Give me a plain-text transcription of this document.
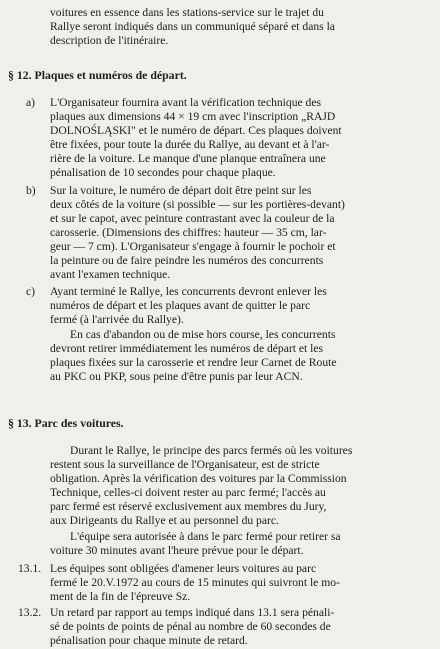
voitures en essence dans les stations-service sur le trajet du
Rallye seront indiqués dans un communiqué séparé et dans la
description de l'itinéraire.
§ 12. Plaques et numéros de départ.
a) L'Organisateur fournira avant la vérification technique des
plaques aux dimensions 44 × 19 cm avec l'inscription „RAJD
DOLNOŚLĄSKI" et le numéro de départ. Ces plaques doivent
être fixées, pour toute la durée du Rallye, au devant et à l'ar-
rière de la voiture. Le manque d'une planque entraînera une
pénalisation de 10 secondes pour chaque plaque.
b) Sur la voiture, le numéro de départ doit être peint sur les
deux côtés de la voiture (si possible — sur les portières-devant)
et sur le capot, avec peinture contrastant avec la couleur de la
carosserie. (Dimensions des chiffres: hauteur — 35 cm, lar-
geur — 7 cm). L'Organisateur s'engage à fournir le pochoir et
la peinture ou de faire peindre les numéros des concurrents
avant l'examen technique.
c) Ayant terminé le Rallye, les concurrents devront enlever les
numéros de départ et les plaques avant de quitter le parc
fermé (à l'arrivée du Rallye).
En cas d'abandon ou de mise hors course, les concurrents
devront retirer immédiatement les numéros de départ et les
plaques fixées sur la carosserie et rendre leur Carnet de Route
au PKC ou PKP, sous peine d'être punis par leur ACN.
§ 13. Parc des voitures.
Durant le Rallye, le principe des parcs fermés où les voitures
restent sous la surveillance de l'Organisateur, est de stricte
obligation. Après la vérification des voitures par la Commission
Technique, celles-ci doivent rester au parc fermé; l'accès au
parc fermé est réservé exclusivement aux membres du Jury,
aux Dirigeants du Rallye et au personnel du parc.
L'équipe sera autorisée à dans le parc fermé pour retirer sa
voiture 30 minutes avant l'heure prévue pour le départ.
13.1. Les équipes sont obligées d'amener leurs voitures au parc
fermé le 20.V.1972 au cours de 15 minutes qui suivront le mo-
ment de la fin de l'épreuve Sz.
13.2. Un retard par rapport au temps indiqué dans 13.1 sera pénali-
sé de points de points de pénal au nombre de 60 secondes de
pénalisation pour chaque minute de retard.
